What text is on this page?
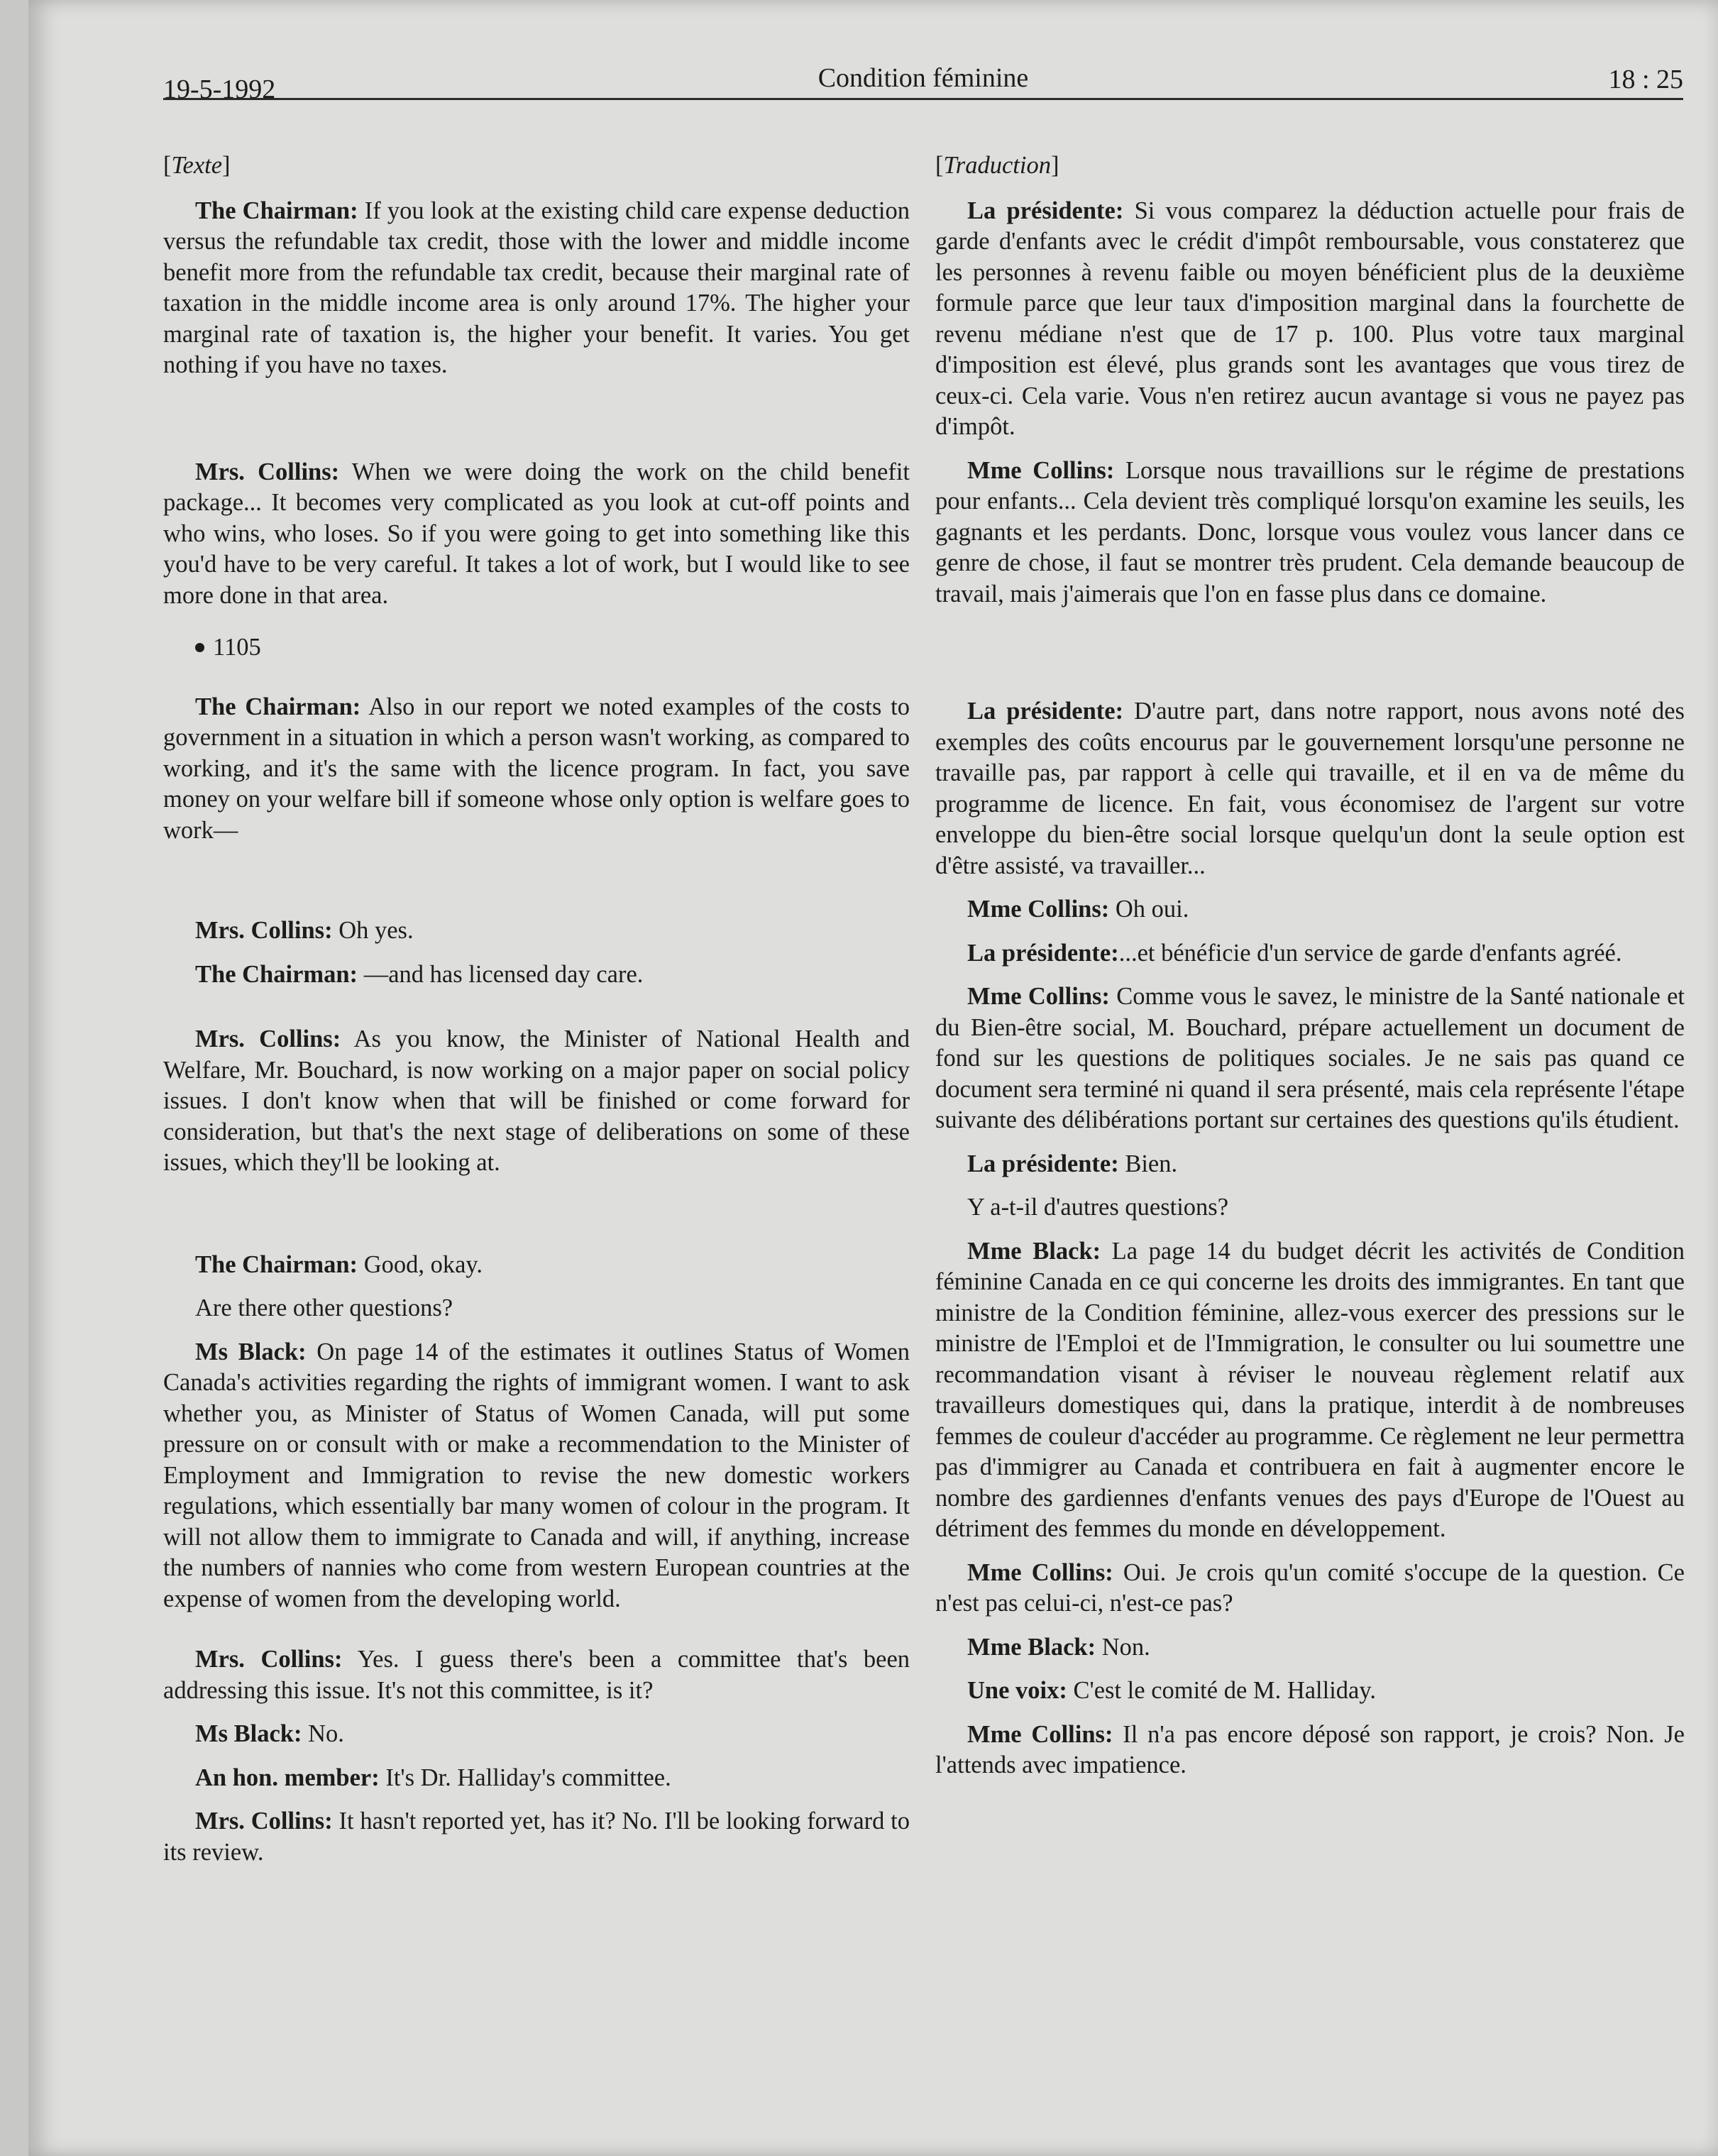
19-5-1992	Condition féminine	18 : 25

[Texte]

The Chairman: If you look at the existing child care expense deduction versus the refundable tax credit, those with the lower and middle income benefit more from the refundable tax credit, because their marginal rate of taxation in the middle income area is only around 17%. The higher your marginal rate of taxation is, the higher your benefit. It varies. You get nothing if you have no taxes.

Mrs. Collins: When we were doing the work on the child benefit package... It becomes very complicated as you look at cut-off points and who wins, who loses. So if you were going to get into something like this you'd have to be very careful. It takes a lot of work, but I would like to see more done in that area.

1105

The Chairman: Also in our report we noted examples of the costs to government in a situation in which a person wasn't working, as compared to working, and it's the same with the licence program. In fact, you save money on your welfare bill if someone whose only option is welfare goes to work—

Mrs. Collins: Oh yes.

The Chairman: —and has licensed day care.

Mrs. Collins: As you know, the Minister of National Health and Welfare, Mr. Bouchard, is now working on a major paper on social policy issues. I don't know when that will be finished or come forward for consideration, but that's the next stage of deliberations on some of these issues, which they'll be looking at.

The Chairman: Good, okay.

Are there other questions?

Ms Black: On page 14 of the estimates it outlines Status of Women Canada's activities regarding the rights of immigrant women. I want to ask whether you, as Minister of Status of Women Canada, will put some pressure on or consult with or make a recommendation to the Minister of Employment and Immigration to revise the new domestic workers regulations, which essentially bar many women of colour in the program. It will not allow them to immigrate to Canada and will, if anything, increase the numbers of nannies who come from western European countries at the expense of women from the developing world.

Mrs. Collins: Yes. I guess there's been a committee that's been addressing this issue. It's not this committee, is it?

Ms Black: No.

An hon. member: It's Dr. Halliday's committee.

Mrs. Collins: It hasn't reported yet, has it? No. I'll be looking forward to its review.

[Traduction]

La présidente: Si vous comparez la déduction actuelle pour frais de garde d'enfants avec le crédit d'impôt remboursable, vous constaterez que les personnes à revenu faible ou moyen bénéficient plus de la deuxième formule parce que leur taux d'imposition marginal dans la fourchette de revenu médiane n'est que de 17 p. 100. Plus votre taux marginal d'imposition est élevé, plus grands sont les avantages que vous tirez de ceux-ci. Cela varie. Vous n'en retirez aucun avantage si vous ne payez pas d'impôt.

Mme Collins: Lorsque nous travaillions sur le régime de prestations pour enfants... Cela devient très compliqué lorsqu'on examine les seuils, les gagnants et les perdants. Donc, lorsque vous voulez vous lancer dans ce genre de chose, il faut se montrer très prudent. Cela demande beaucoup de travail, mais j'aimerais que l'on en fasse plus dans ce domaine.

La présidente: D'autre part, dans notre rapport, nous avons noté des exemples des coûts encourus par le gouvernement lorsqu'une personne ne travaille pas, par rapport à celle qui travaille, et il en va de même du programme de licence. En fait, vous économisez de l'argent sur votre enveloppe du bien-être social lorsque quelqu'un dont la seule option est d'être assisté, va travailler...

Mme Collins: Oh oui.

La présidente:...et bénéficie d'un service de garde d'enfants agréé.

Mme Collins: Comme vous le savez, le ministre de la Santé nationale et du Bien-être social, M. Bouchard, prépare actuellement un document de fond sur les questions de politiques sociales. Je ne sais pas quand ce document sera terminé ni quand il sera présenté, mais cela représente l'étape suivante des délibérations portant sur certaines des questions qu'ils étudient.

La présidente: Bien.

Y a-t-il d'autres questions?

Mme Black: La page 14 du budget décrit les activités de Condition féminine Canada en ce qui concerne les droits des immigrantes. En tant que ministre de la Condition féminine, allez-vous exercer des pressions sur le ministre de l'Emploi et de l'Immigration, le consulter ou lui soumettre une recommandation visant à réviser le nouveau règlement relatif aux travailleurs domestiques qui, dans la pratique, interdit à de nombreuses femmes de couleur d'accéder au programme. Ce règlement ne leur permettra pas d'immigrer au Canada et contribuera en fait à augmenter encore le nombre des gardiennes d'enfants venues des pays d'Europe de l'Ouest au détriment des femmes du monde en développement.

Mme Collins: Oui. Je crois qu'un comité s'occupe de la question. Ce n'est pas celui-ci, n'est-ce pas?

Mme Black: Non.

Une voix: C'est le comité de M. Halliday.

Mme Collins: Il n'a pas encore déposé son rapport, je crois? Non. Je l'attends avec impatience.
